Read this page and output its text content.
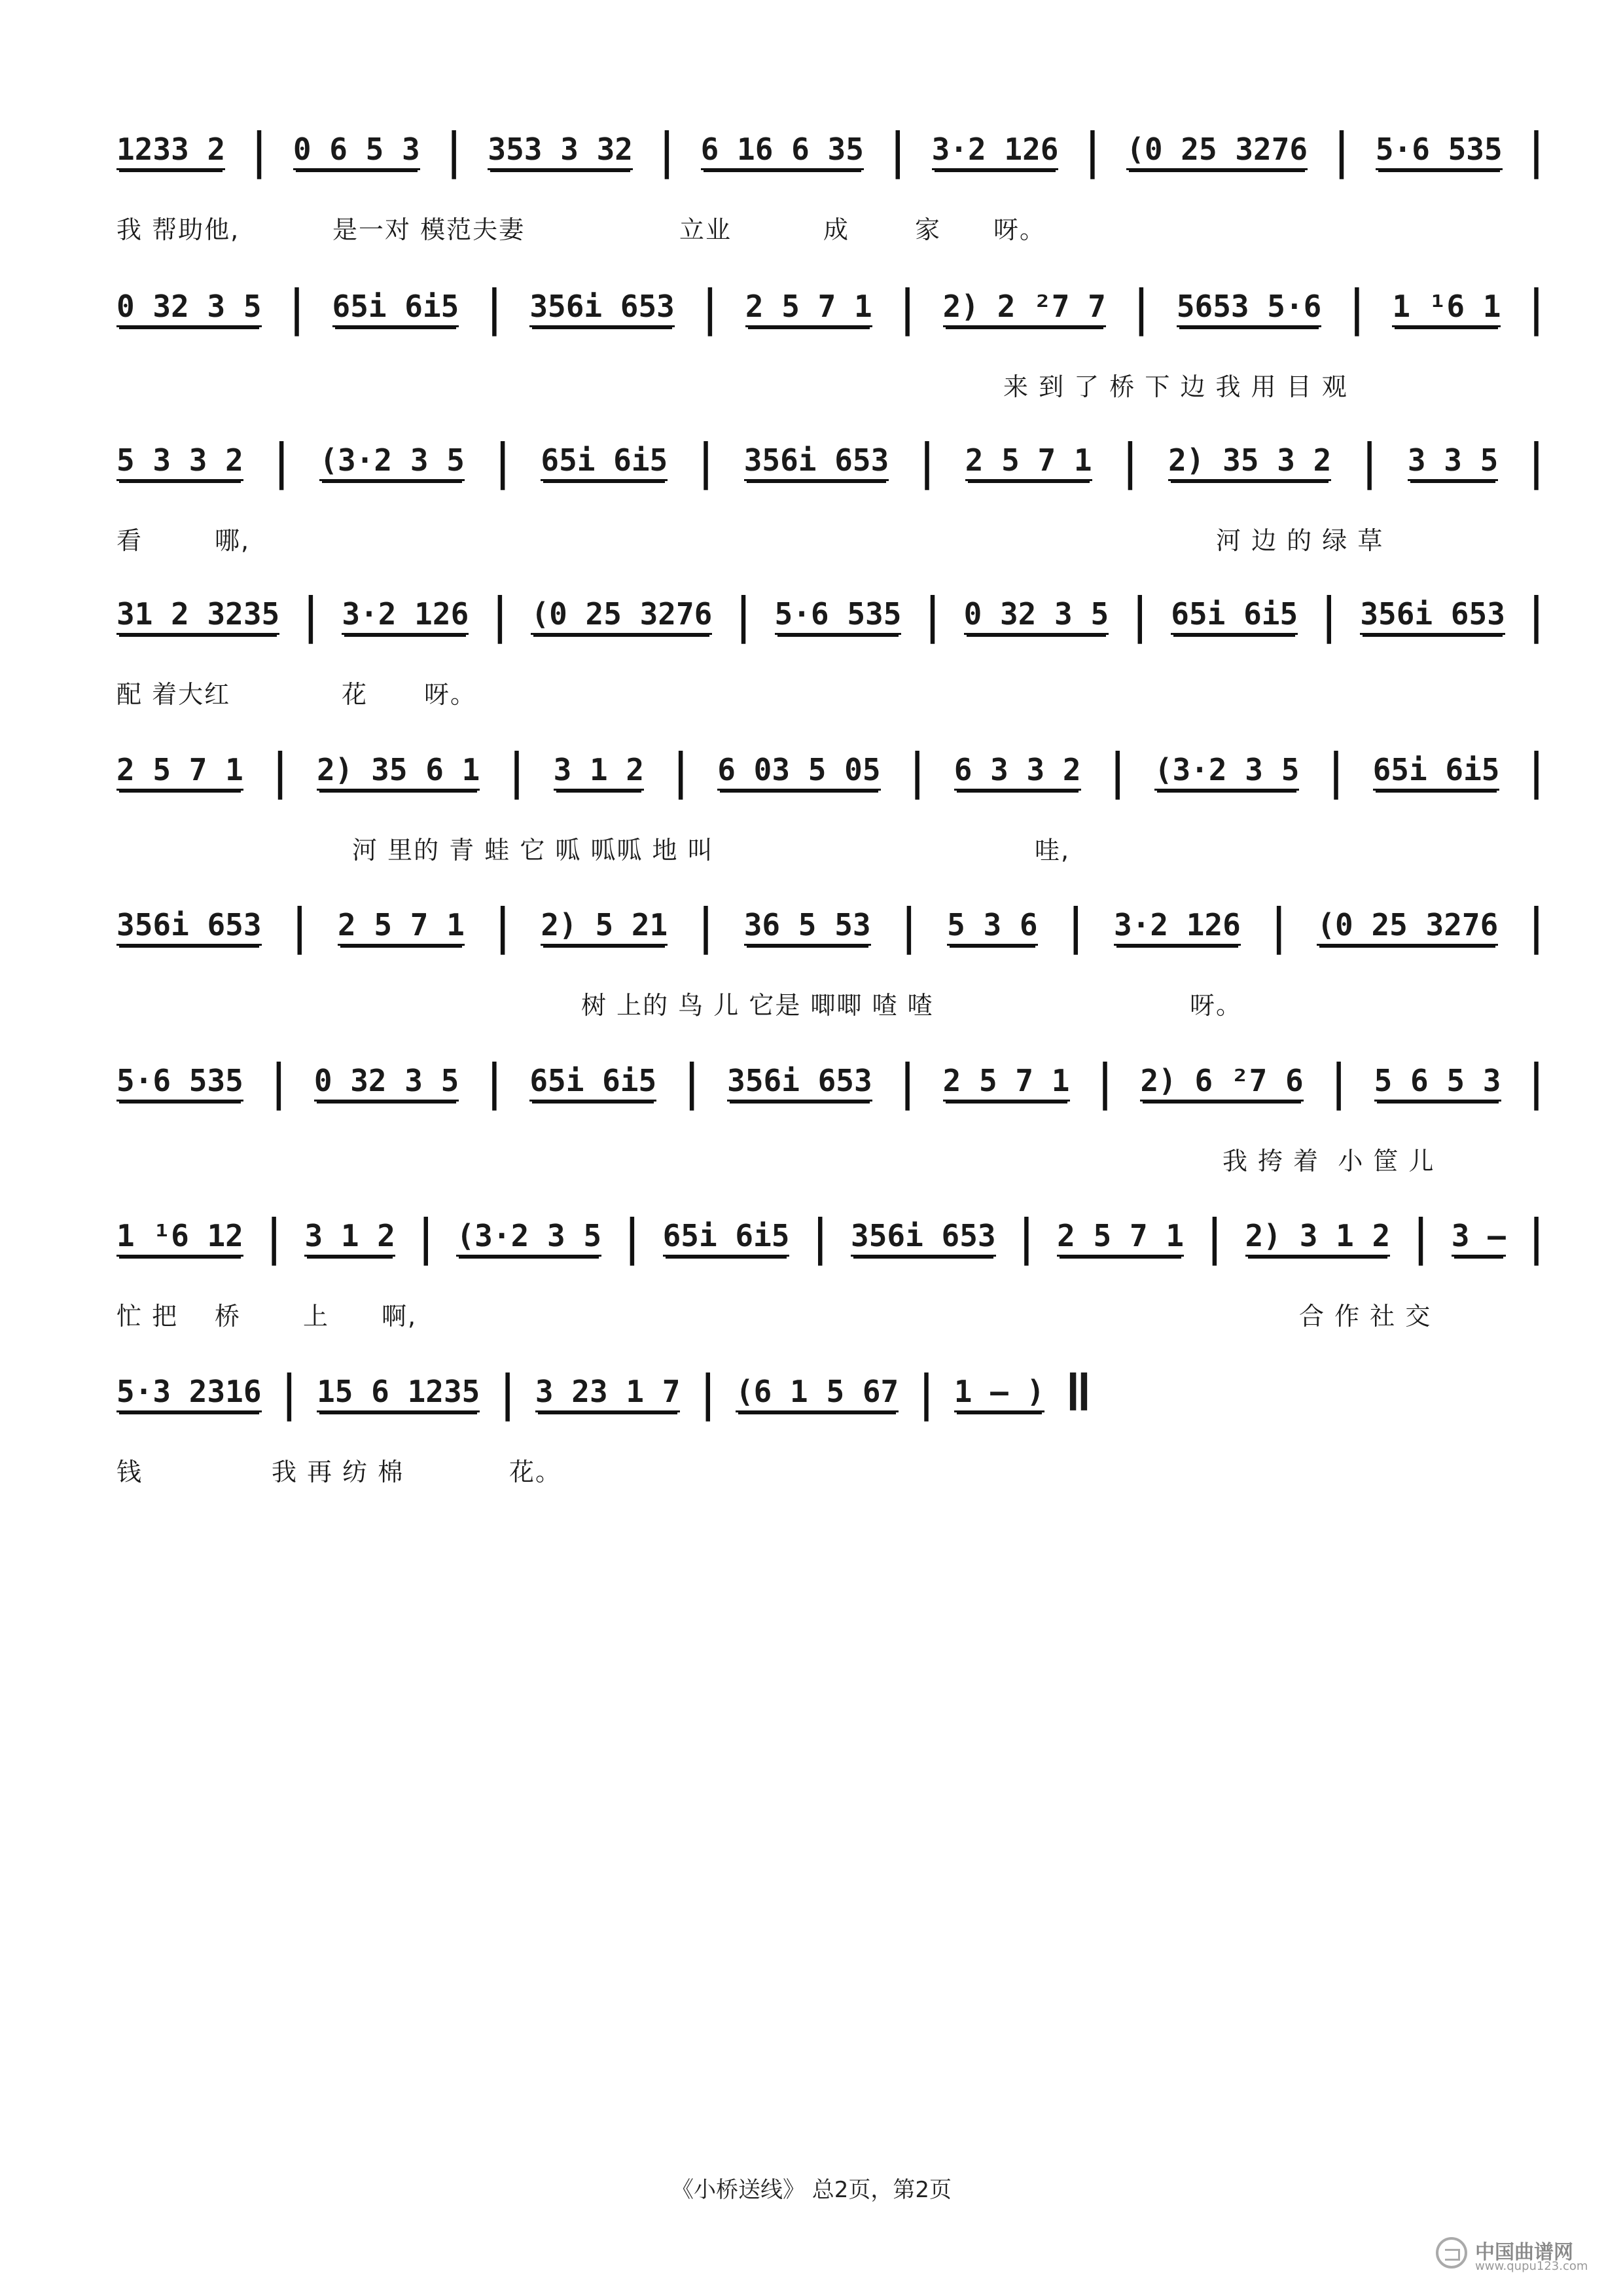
1233 2 | 0 6 5 3 | 353 3 32 | 6 16 6 35 | 3·2 126 | (0 25 3276 | 5·6 535 |
我 帮助他,	是一对 模范夫妻	立业	成	家 呀。
0 32 3 5 | 65i 6i5 | 356i 653 | 2 5 7 1 | 2) 2 ²7 7 | 5653 5·6 | 1 ¹6 1 |
来 到 了 桥 下 边 我 用 目 观
5 3 3 2 | (3·2 3 5 | 65i 6i5 | 356i 653 | 2 5 7 1 | 2) 35 3 2 | 3 3 5 |
看	哪,	河 边 的 绿 草
31 2 3235 | 3·2 126 | (0 25 3276 | 5·6 535 | 0 32 3 5 | 65i 6i5 | 356i 653 |
配 着大红	花 呀。
2 5 7 1 | 2) 35 6 1 | 3 1 2 | 6 03 5 05 | 6 3 3 2 | (3·2 3 5 | 65i 6i5 |
河 里的 青 蛙 它 呱 呱呱 地 叫	哇,
356i 653 | 2 5 7 1 | 2) 5 21 | 36 5 53 | 5 3 6 | 3·2 126 | (0 25 3276 |
树 上的 鸟 儿 它是 唧唧 喳 喳	呀。
5·6 535 | 0 32 3 5 | 65i 6i5 | 356i 653 | 2 5 7 1 | 2) 6 ²7 6 | 5 6 5 3 |
我 挎 着  小 筐 儿
1 ¹6 12 | 3 1 2 | (3·2 3 5 | 65i 6i5 | 356i 653 | 2 5 7 1 | 2) 3 1 2 | 3 – |
忙 把 桥 上 啊,	合 作 社 交
5·3 2316 | 15 6 1235 | 3 23 1 7 | (6 1 5 67 | 1 – ) ‖
钱	我 再 纺 棉	花。
《小桥送线》 总2页，第2页
中国曲谱网
www.qupu123.com
